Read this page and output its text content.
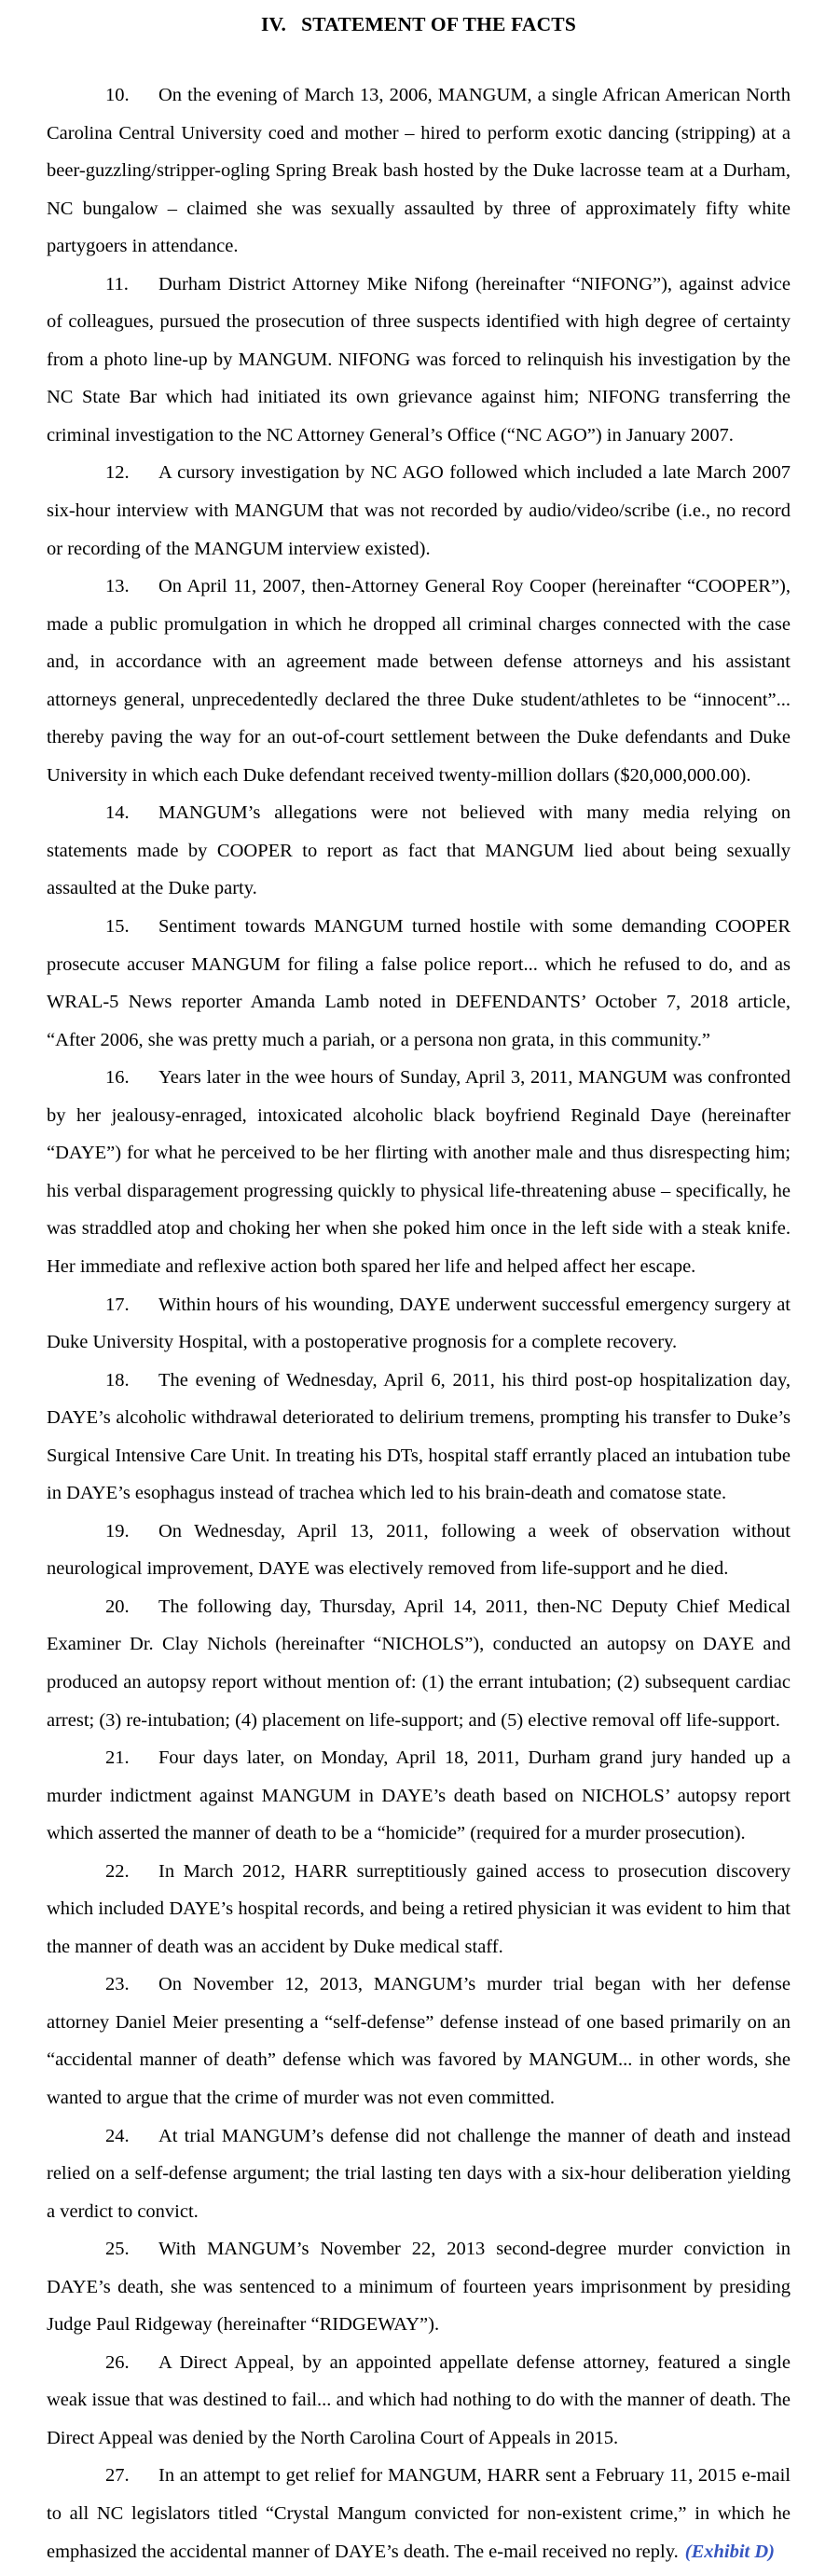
IV. STATEMENT OF THE FACTS

10. On the evening of March 13, 2006, MANGUM, a single African American North Carolina Central University coed and mother – hired to perform exotic dancing (stripping) at a beer-guzzling/stripper-ogling Spring Break bash hosted by the Duke lacrosse team at a Durham, NC bungalow – claimed she was sexually assaulted by three of approximately fifty white partygoers in attendance.

11. Durham District Attorney Mike Nifong (hereinafter “NIFONG”), against advice of colleagues, pursued the prosecution of three suspects identified with high degree of certainty from a photo line-up by MANGUM. NIFONG was forced to relinquish his investigation by the NC State Bar which had initiated its own grievance against him; NIFONG transferring the criminal investigation to the NC Attorney General’s Office (“NC AGO”) in January 2007.

12. A cursory investigation by NC AGO followed which included a late March 2007 six-hour interview with MANGUM that was not recorded by audio/video/scribe (i.e., no record or recording of the MANGUM interview existed).

13. On April 11, 2007, then-Attorney General Roy Cooper (hereinafter “COOPER”), made a public promulgation in which he dropped all criminal charges connected with the case and, in accordance with an agreement made between defense attorneys and his assistant attorneys general, unprecedentedly declared the three Duke student/athletes to be “innocent”... thereby paving the way for an out-of-court settlement between the Duke defendants and Duke University in which each Duke defendant received twenty-million dollars ($20,000,000.00).

14. MANGUM’s allegations were not believed with many media relying on statements made by COOPER to report as fact that MANGUM lied about being sexually assaulted at the Duke party.

15. Sentiment towards MANGUM turned hostile with some demanding COOPER prosecute accuser MANGUM for filing a false police report... which he refused to do, and as WRAL-5 News reporter Amanda Lamb noted in DEFENDANTS’ October 7, 2018 article, “After 2006, she was pretty much a pariah, or a persona non grata, in this community.”

16. Years later in the wee hours of Sunday, April 3, 2011, MANGUM was confronted by her jealousy-enraged, intoxicated alcoholic black boyfriend Reginald Daye (hereinafter “DAYE”) for what he perceived to be her flirting with another male and thus disrespecting him; his verbal disparagement progressing quickly to physical life-threatening abuse – specifically, he was straddled atop and choking her when she poked him once in the left side with a steak knife. Her immediate and reflexive action both spared her life and helped affect her escape.

17. Within hours of his wounding, DAYE underwent successful emergency surgery at Duke University Hospital, with a postoperative prognosis for a complete recovery.

18. The evening of Wednesday, April 6, 2011, his third post-op hospitalization day, DAYE’s alcoholic withdrawal deteriorated to delirium tremens, prompting his transfer to Duke’s Surgical Intensive Care Unit. In treating his DTs, hospital staff errantly placed an intubation tube in DAYE’s esophagus instead of trachea which led to his brain-death and comatose state.

19. On Wednesday, April 13, 2011, following a week of observation without neurological improvement, DAYE was electively removed from life-support and he died.

20. The following day, Thursday, April 14, 2011, then-NC Deputy Chief Medical Examiner Dr. Clay Nichols (hereinafter “NICHOLS”), conducted an autopsy on DAYE and produced an autopsy report without mention of: (1) the errant intubation; (2) subsequent cardiac arrest; (3) re-intubation; (4) placement on life-support; and (5) elective removal off life-support.

21. Four days later, on Monday, April 18, 2011, Durham grand jury handed up a murder indictment against MANGUM in DAYE’s death based on NICHOLS’ autopsy report which asserted the manner of death to be a “homicide” (required for a murder prosecution).

22. In March 2012, HARR surreptitiously gained access to prosecution discovery which included DAYE’s hospital records, and being a retired physician it was evident to him that the manner of death was an accident by Duke medical staff.

23. On November 12, 2013, MANGUM’s murder trial began with her defense attorney Daniel Meier presenting a “self-defense” defense instead of one based primarily on an “accidental manner of death” defense which was favored by MANGUM... in other words, she wanted to argue that the crime of murder was not even committed.

24. At trial MANGUM’s defense did not challenge the manner of death and instead relied on a self-defense argument; the trial lasting ten days with a six-hour deliberation yielding a verdict to convict.

25. With MANGUM’s November 22, 2013 second-degree murder conviction in DAYE’s death, she was sentenced to a minimum of fourteen years imprisonment by presiding Judge Paul Ridgeway (hereinafter “RIDGEWAY”).

26. A Direct Appeal, by an appointed appellate defense attorney, featured a single weak issue that was destined to fail... and which had nothing to do with the manner of death. The Direct Appeal was denied by the North Carolina Court of Appeals in 2015.

27. In an attempt to get relief for MANGUM, HARR sent a February 11, 2015 e-mail to all NC legislators titled “Crystal Mangum convicted for non-existent crime,” in which he emphasized the accidental manner of DAYE’s death. The e-mail received no reply. (Exhibit D)
